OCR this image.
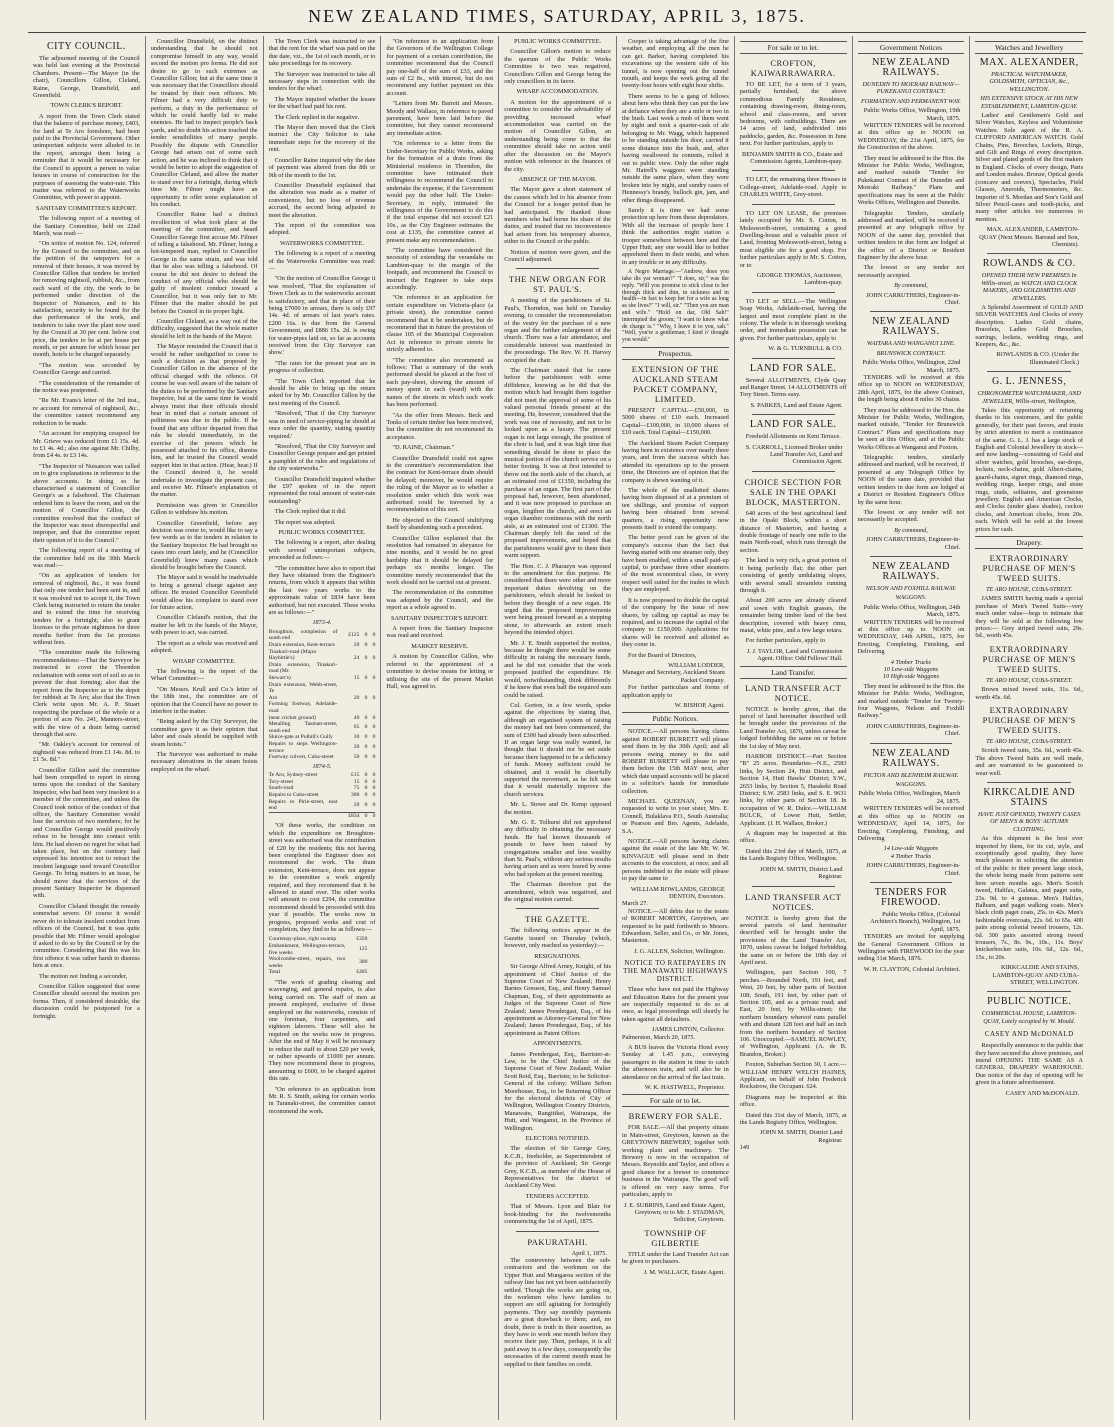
NEW ZEALAND TIMES, SATURDAY, APRIL 3, 1875.
CITY COUNCIL.

The adjourned meeting of the Council was held last evening at the Provincial Chambers. Present—The Mayor (in the chair), Councillors Gillon, Cleland, Raine, George, Dransfield, and Greenfield.

TOWN CLERK'S REPORT.

A report from the Town Clerk stated that the balance of purchase money, £403, for land at Te Aro foreshore, had been paid to the Provincial Government. Other unimportant subjects were alluded to in the report, amongst them being a reminder that it would be necessary for the Council to appoint a person to value houses in course of construction for the purposes of assessing the water-rate. This matter was referred to the Waterworks Committee, with power to appoint.

SANITARY COMMITTEE'S REPORT.

The following report of a meeting of the Sanitary Committee, held on 22nd March, was read:—

"On notice of motion No. 124, referred by the Council to the committee, and on the petition of the ratepayers for a removal of their houses, it was moved by Councillor Gillon that tenders be invited for removing nightsoil, rubbish, &c., from each ward of the city, the work to be performed under direction of the Inspector of Nuisances, and to his satisfaction, security to be found for the due performance of the work, and tenderers to take over the plant now used by the Council at 30 per cent. below cost price, the tenders to be at per house per month, or per annum for which house per month, hotels to be charged separately.

"The motion was seconded by Councillor George and carried.

"The consideration of the remainder of the notice was postponed.

"Re Mr. Evans's letter of the 3rd inst., re account for removal of nightsoil, &c., the committee cannot recommend any reduction to be made.

"An account for emptying cesspool for Mr. Grieve was reduced from £1 15s. 4d. to £1 4s. 4d.; also one against Mr. Chilby, from £4 4s. to £3 14s.

"The Inspector of Nuisances was called on to give explanations in reference to the above accounts. In doing so he characterised a statement of Councillor George's as a falsehood. The Chairman ordered him to leave the room, and on the motion of Councillor Gillon, the committee resolved that the conduct of the Inspector was most disrespectful and improper, and that the committee report their opinion of it to the Council."

The following report of a meeting of the committee held on the 30th March was read:—

"On an application of tenders for removal of nightsoil, &c., it was found that only one tender had been sent in, and it was resolved not to accept it, the Town Clerk being instructed to return the tender and to extend the time for receiving tenders for a fortnight; also to grant licenses to the private nightmen for three months further from the 1st proximo without fees.

"The committee made the following recommendations:—That the Surveyor be instructed to cover the Thorndon reclamation with some sort of soil so as to prevent the dust forming; also that the report from the Inspector as to the depot for rubbish at Te Aro; also that the Town Clerk write upon Mr. A. P. Stuart respecting the purchase of the whole or a portion of acre No. 241, Manners-street, with the view of a drain being carried through that acre.

"Mr. Oakley's account for removal of nightsoil was reduced from £1 14s. 8d. to £1 5s. 8d."

Councillor Gillon said the committee had been compelled to report in strong terms upon the conduct of the Sanitary Inspector, who had been very insolent to a member of the committee, and unless the Council took notice of the conduct of that officer, the Sanitary Committee would lose the services of two members; for he and Councillor George would positively refuse to be brought into contact with him. He had shown no regret for what had taken place, but on the contrary had expressed his intention not to retract the insolent language used toward Councillor George. To bring matters to an issue, he should move that the services of the present Sanitary Inspector be dispensed with.

Councillor Cleland thought the remedy somewhat severe. Of course it would never do to tolerate insolent conduct from officers of the Council, but it was quite possible that Mr. Filmer would apologise if asked to do so by the Council or by the committee. Considering that this was his first offence it was rather harsh to dismiss him at once.

The motion not finding a seconder,

Councillor Gillon suggested that some Councillor should second the motion pro forma. Then, if considered desirable, the discussion could be postponed for a fortnight.

Councillor Dransfield, on the distinct understanding that he should not compromise himself in any way, would second the motion pro forma. He did not desire to go to such extremes as Councillor Gillon; but at the same time it was necessary that the Councillors should be treated by their own officers. Mr. Filmer had a very difficult duty to perform, a duty in the performance of which he could hardly fail to make enemies. He had to inspect people's back yards, and no doubt his action touched the tender sensibilities of many people. Possibly the dispute with Councillor George had arisen out of some such action, and he was inclined to think that it would be better to adopt the suggestion of Councillor Cleland, and allow the matter to stand over for a fortnight, during which time Mr. Filmer might have an opportunity to offer some explanation of his conduct.

Councillor Raine had a distinct recollection of what took place at the meeting of the committee, and heard Councillor George first accuse Mr. Filmer of telling a falsehood. Mr. Filmer, being a hot-tempered man, replied to Councillor George in the same strain, and was told that he also was telling a falsehood. Of course he did not desire to defend the conduct of any official who should be guilty of insolent conduct toward a Councillor, but it was only fair to Mr. Filmer that the matter should be put before the Council in its proper light.

Councillor Cleland, as a way out of the difficulty, suggested that the whole matter should be left in the hands of the Mayor.

The Mayor reminded the Council that it would be rather undignified to come to such a decision as that proposed by Councillor Gillon in the absence of the official charged with the offence. Of course he was well aware of the nature of the duties to be performed by the Sanitary Inspector, but at the same time he would always insist that their officials should bear in mind that a certain amount of politeness was due to the public. If he found that any officer departed from that rule he should immediately, in the exercise of the powers which he possessed attached to his office, dismiss him, and he trusted the Council would support him in that action. (Hear, hear.) If the Council desired it, he would undertake to investigate the present case, and receive Mr. Filmer's explanation of the matter.

Permission was given to Councillor Gillon to withdraw his motion.

Councillor Greenfield, before any decision was come to, would like to say a few words as to the tenders in relation to the Sanitary Inspector. He had brought no cases into court lately, and he (Councillor Greenfield) knew many cases which should be brought before the Council.

The Mayor said it would be inadvisable to bring a general charge against any officer. He trusted Councillor Greenfield would allow his complaint to stand over for future action.

Councillor Cleland's motion, that the matter be left in the hands of the Mayor, with power to act, was carried.

The report as a whole was received and adopted.

WHARF COMMITTEE.

The following is the report of the Wharf Committee:—

"On Messrs. Krull and Co.'s letter of the 18th inst., the committee are of opinion that the Council have no power to interfere in the matter.

"Being asked by the City Surveyor, the committee gave it as their opinion that labor and coals should be supplied with steam hoists."

The Surveyor was authorised to make necessary alterations in the steam hoists employed on the wharf.

The Town Clerk was instructed to see that the rent for the wharf was paid on the due date, viz., the 1st of each month, or to take proceedings for its recovery.

The Surveyor was instructed to take all necessary steps in connection with the tenders for the wharf.

The Mayor inquired whether the lessee for the wharf had paid his rent.

The Clerk replied in the negative.

The Mayor then moved that the Clerk instruct the City Solicitor to take immediate steps for the recovery of the rent.

Councillor Raine inquired why the date of payment was altered from the 8th or 9th of the month to the 1st.

Councillor Dransfield explained that the alteration was made as a matter of convenience, but no loss of revenue accrued, the second being adjusted to meet the alteration.

The report of the committee was adopted.

WATERWORKS COMMITTEE.

The following is a report of a meeting of the Waterworks Committee was read:—

"On the motion of Councillor George it was resolved, 'That the explanation of Town Clerk as to the waterworks account is satisfactory, and that in place of their being £7000 in arrears, there is only £97 14s. 4d. of arrears of last year's rates. £200 16s. is due from the General Government, and £886 15s. 2d. is owing for water-pipes laid on, so far as accounts received from the City Surveyor can show.'

"The rates for the present year are in progress of collection.

"The Town Clerk reported that he should be able to bring up the return asked for by Mr. Councillor Gillon by the next meeting of the Council.

"Resolved, 'That if the City Surveyor was in need of service-piping he should at once order the quantity, stating quantity required.'

"Resolved, 'That the City Surveyor and Councillor George prepare and get printed a pamphlet of the rules and regulations of the city waterworks.'"

Councillor Dransfield inquired whether the £97 spoken of in the report represented the total amount of water-rate outstanding?

The Clerk replied that it did.

The report was adopted.

PUBLIC WORKS COMMITTEE.

The following is a report, after dealing with several unimportant subjects, proceeded as follows:—

"The committee have also to report that they have obtained from the Engineer's returns, from which it appears that within the last two years works to the approximate value of £834 have been authorised, but not executed. These works are as follows:—"

1873-4.
Broughton, completion of south end	£125	0	0
Drain extension, Kent-terrace	20	0	0
Tinakori-road (Major			
Haybittle's)	24	0	0
Drain extension, Tinakori-road (Mr.			
Stewart's)	15	0	0
Drain extension, Webb-street, Te			
Aro	20	0	0
Forming footway, Adelaide-road			
(near cricket ground)	40	0	0
Metalling Tasman-street, south end	65	0	0
Sluice-gate at Polhill's Gully	30	0	0
Repairs to steps Wellington-terrace	20	0	0
Footway culvert, Cuba-street	50	0	0
1874-5.
Te Aro, Sydney-street	£15	0	0
Tory-street	15	0	0
South-road	75	0	0
Repairs to Cuba-street	300	0	0
Repairs to Pirie-street, east end	20	0	0
	£834	0	0

"Of these works, the condition on which the expenditure on Broughton-street was authorised was the contribution of £20 by the residents; this not having been completed the Engineer does not recommend the work. The drain extension, Kent-terrace, does not appear to the committee a work urgently required, and they recommend that it be allowed to stand over. The other works will amount to cost £294, the committee recommend should be proceeded with this year if possible. The works now in progress, proposed works and cost of completion, they find to be as follows:—

Courtenay-place, right swamp	£350	
Embankment, Wellington-terrace, five weeks	125	
Woolcombe-street, repairs, two weeks	300	
Total	£405	

"The work of grading clearing and scavenging, and general repairs, is also being carried on. The staff of men at present employed, exclusive of those employed on the waterworks, consists of one foreman, four carpenters, and eighteen laborers. These will also be required on the works now in progress. After the end of May it will be necessary to reduce the staff to about £20 per week, or rather upwards of £1000 per annum. They now recommend these in progress, amounting to £600, to be charged against this rate.

"On reference to an application from Mr. R. S. Smith, asking for certain works in Taranaki-street, the committee cannot recommend the work.

"On reference to an application from the Governors of the Wellington College for payment of a certain contribution, the committee recommend that the Council pay one-half of the sum of £33, and the sum of £2 8s., with interest, but do not recommend any further payment on this account.

"Letters from Mr. Barrett and Messrs. Moody and Wallace, in reference to paved pavement, have been laid before the committee, but they cannot recommend any immediate action.

"On reference to a letter from the Under-Secretary for Public Works, asking for the formation of a drain from the Ministerial residence in Thorndon, the committee have intimated their willingness to recommend the Council to undertake the expense, if the Government would pay the other half. The Under-Secretary, in reply, intimated the willingness of the Government to do this if the total expense did not exceed £21 10s., as the City Engineer estimates the cost at £135, the committee cannot at present make any recommendation.

"The committee have considered the necessity of extending the verandahs on Lambton-quay to the margin of the footpath, and recommend the Council to instruct the Engineer to take steps accordingly.

"On reference to an application for certain expenditure on Victoria-place (a private street), the committee cannot recommend that it be undertaken, but do recommend that in future the provision of clause 105 of the Municipal Corporation Act in reference to private streets be strictly adhered to.

"The committee also recommend as follows: That a summary of the work performed should be placed at the foot of each pay-sheet, showing the amount of money spent in each (ward) with the names of the streets in which such work has been performed.

"As the offer from Messrs. Beck and Tonks of certain timber has been received, but the committee do not recommend its acceptance.

"D. RAINE, Chairman."

Councillor Dransfield could not agree to the committee's recommendation that the contract for Kent-terrace drain should be delayed; moreover, he would require the ruling of the Mayor as to whether a resolution under which this work was authorised could be traversed by a recommendation of this sort.

He objected to the Council stultifying itself by abandoning such a precedent.

Councillor Gillon explained that the resolution had remained in abeyance for nine months, and it would be no great hardship that it should be delayed for perhaps six months longer. The committee merely recommended that the work should not be carried out at present.

The recommendation of the committee was adopted by the Council, and the report as a whole agreed to.

SANITARY INSPECTOR'S REPORT.

A report from the Sanitary Inspector was read and received.

MARKET RESERVE.

A motion by Councillor Gillon, who referred to the appointment of a committee to devise means for letting or utilising the site of the present Market Hall, was agreed to.

PUBLIC WORKS COMMITTEE.

Councillor Gillon's motion to reduce the quorum of the Public Works Committee to two was negatived, Councillors Gillon and George being the only councillors in its favor.

WHARF ACCOMMODATION.

A motion for the appointment of a committee to consider the advisability of providing increased wharf accommodation was carried on the motion of Councillor Gillon, an understanding being come to that the committee should take no action until after the discussion on the Mayor's motion with reference to the finances of the city.

ABSENCE OF THE MAYOR.

The Mayor gave a short statement of the causes which led to his absence from the Council for a longer period than he had anticipated. He thanked those members who had borne his share of the duties, and trusted that no inconvenience had arisen from his temporary absence, either to the Council or the public.

Notices of motion were given, and the Council adjourned.

THE NEW ORGAN FOR ST. PAUL'S.

A meeting of the parishioners of St. Paul's, Thorndon, was held on Tuesday evening, to consider the recommendation of the vestry for the purchase of a new organ and the further enlargement of the church. There was a fair attendance, and considerable interest was manifested in the proceedings. The Rev. W. H. Harvey occupied the chair.

The Chairman stated that he came before the parishioners with some diffidence, knowing as he did that the motion which had brought them together did not meet the approval of some of his valued personal friends present at the meeting. He, however, considered that the work was one of necessity, and not to be looked upon as a luxury. The present organ is not large enough, the position of the choir is bad, and it was high time that something should be done to place the musical portion of the church service on a better footing. It was at first intended to throw out the north aisle of the church, at an estimated cost of £1350, including the purchase of an organ. The first part of the proposal had, however, been abandoned, and it was now proposed to purchase an organ, lengthen the church, and erect an organ chamber continuous with the north aisle, at an estimated cost of £1300. The Chairman deeply felt the need of the proposed improvements, and hoped that the parishioners would give to them their warm support.

The Hon. C. J. Pharazyn was opposed to the amendment for this purpose. He considered that there were other and more important duties devolving on the parishioners, which should be looked to before they thought of a new organ. He urged that the proposed improvements were being pressed forward as a stepping stone, to afterwards an extent much beyond the intended object.

Mr. J. E. Smith supported the motion, because he thought there would be some difficulty in raising the necessary funds, and he did not consider that the work proposed justified the expenditure. He would, notwithstanding, think differently if he knew that even half the required sum could be raised.

Col. Gorton, in a few words, spoke against the objections by stating that, although an organised system of raising the money had not been commenced, the sum of £300 had already been subscribed. If an organ large was really wanted, he thought that it should not be set aside because there happened to be a deficiency of funds. Money sufficient could be obtained, and it would be cheerfully supported the movement, as he felt sure that it would materially improve the church services.

Mr. L. Stowe and Dr. Kemp opposed the motion.

Mr. G. E. Tolhurst did not apprehend any difficulty in obtaining the necessary funds. He had known thousands of pounds to have been raised by congregations smaller and less wealthy than St. Paul's, without any serious results having arisen and as were feared by some who had spoken at the present meeting.

The Chairman therefore put the amendment, which was negatived, and the original motion carried.

THE GAZETTE.

The following notices appear in the Gazette issued on Thursday (which, however, only reached us yesterday):—

RESIGNATIONS.

Sir George Alfred Arney, Knight, of his appointment of Chief Justice of the Supreme Court of New Zealand; Henry Barnes Gresson, Esq., and Henry Samuel Chapman, Esq., of their appointments as Judges of the Supreme Court of New Zealand; James Prendergast, Esq., of his appointment as Attorney-General for New Zealand; James Prendergast, Esq., of his appointment as Patent Officer.

APPOINTMENTS.

James Prendergast, Esq., Barrister-at-Law, to be the Chief Justice of the Supreme Court of New Zealand; Walter Scott Reid, Esq., Barrister, to be Solicitor-General of the colony; William Sefton Moorhouse, Esq., to be Returning Officer for the electoral districts of City of Wellington, Wellington Country Districts, Manawatu, Rangitikei, Wairarapa, the Hutt, and Wanganui, in the Province of Wellington.

ELECTORS NOTIFIED.

The election of Sir George Grey, K.C.B., freeholder, as Superintendent of the province of Auckland; Sir George Grey, K.C.B., as member of the House of Representatives for the district of Auckland City West.

TENDERS ACCEPTED.

That of Messrs. Lyon and Blair for book-binding for the twelvemonths commencing the 1st of April, 1875.

PAKURATAHI.
April 1, 1875.

The controversy between the sub-contractors and the workmen on the Upper Hutt and Mungaroa section of the railway line has not yet been satisfactorily settled. Though the works are going on, the workmen who have families to support are still agitating for fortnightly payments. They say monthly payments are a great drawback to them; and, no doubt, there is truth in their assertion, as they have to work one month before they receive their pay. Then, perhaps, it is all paid away in a few days, consequently the necessaries of the current month must be supplied to their families on credit.

Cooper is taking advantage of the fine weather, and employing all the men he can get. Barker, having completed his excavations up the western side of his tunnel, is now opening out the tunnel mouth, and keeps the work going all the twenty-four hours with eight hour shifts.

There seems to be a gang of fellows about here who think they can put the law at defiance when they are a mile or two in the bush. Last week a mob of them went by night and took a quarter-cask of ale belonging to Mr. Wagg, which happened to be standing outside his door, carried it some distance into the bush, and, after having swallowed its contents, rolled it out to public view. Only the other night Mr. Hatrell's waggons were standing outside the same place, when they were broken into by night, and sundry cases of Hennessy's brandy, bullock gin, jam, and other things disappeared.

Surely it is time we had some protection up here from these depredators. With all the increase of people here I think the authorities might station a trooper somewhere between here and the Upper Hutt; any one would like to bother apprehend them in their midst, and when in any trouble or in any difficulty.

A Negro Marriage.—"Andrew, does you take dis yar woman?" "I does, sir," was the reply. "Will you promise to stick close to her through thick and thin, in sickness and in health—in fact to keep her for a wife as long as she lives?" "I will, sir." "Then you are man and wife." "Hold on dar, Old Sah!" interrupted the groom; "I want to know what de charge is." "Why, I leave it to you, sah." "Well, you're a gentleman; I kind o' thought you would."

Prospectus.
EXTENSION OF THE AUCKLAND STEAM PACKET COMPANY, LIMITED.

PRESENT CAPITAL—£50,000, in 5000 shares of £10 each. Increased Capital—£100,000, in 10,000 shares of £10 each. Total Capital—£150,000.

The Auckland Steam Packet Company having been in existence over nearly three years, and from the success which has attended its operations up to the present time, the Directors are of opinion that the company is shewn wanting of it.

The whole of the unallotted shares having been disposed of at a premium of ten shillings, and promise of support having been obtained from several quarters, a rising opportunity now presents itself to extend the company.

The better proof can be given of the company's success than the fact that having started with one steamer only, they have been enabled, within a small paid-up capital, to purchase three other steamers of the most economical class, in every respect well suited for the trades in which they are employed.

It is now proposed to double the capital of the company by the issue of new shares, by calling up capital as may be required, and to increase the capital of the company to £150,000. Applications for shares will be received and allotted as they come in.

For the Board of Directors,

WILLIAM LODDER,
Manager and Secretary, Auckland Steam Packet Company.

For further particulars and forms of application apply to

W. BISHOP, Agent.
Public Notices.

NOTICE.—All persons having claims against ROBERT BURRETT will please send them in by the 30th April; and all persons owing money to the said ROBERT BURRETT will please to pay them before the 15th MAY next, after which date unpaid accounts will be placed in a solicitor's hands for immediate collection.

MICHAEL QUEENAN, you are requested to write to your sister, Mrs. E. Connell, Bulaklava P.O., South Australia; or Pearson and Bro. Agents, Adelaide, S.A.

NOTICE.—All persons having claims against the estate of the late Mr. W. W. KINVAGUE will please send in their accounts to the executors, at once; and all persons indebted to the estate will please to pay the same to

WILLIAM ROWLANDS, GEORGE DENTON, Executors.
March 27.

NOTICE.—All debts due to the estate of ROBERT MORTON, Greytown, are requested to be paid forthwith to Messrs. Edwardson, Seller, and Co., or Mr. Jones, Masterton.

J. G. ALLEN, Solicitor, Wellington.
NOTICE TO RATEPAYERS IN THE MANAWATU HIGHWAYS DISTRICT.

Those who have not paid the Highway and Education Rates for the present year are respectfully requested to do so at once, as legal proceedings will shortly be taken against all defaulters.

JAMES LINTON, Collector.
Palmerston, March 20, 1875.

A BUS leaves the Victoria Hotel every Sunday at 1.45 p.m., conveying passengers to the station in time to catch the afternoon train, and will also be in attendance on the arrival of the last train.

W. K. HASTWELL, Proprietor.
For sale or to let.
BREWERY FOR SALE.

FOR SALE.—All that property situate in Main-street, Greytown, known as the GREYTOWN BREWERY, together with working plant and machinery. The Brewery is now in the occupation of Messrs. Reynolds and Taylor, and offers a good chance for a brewer to commence business in the Wairarapa. The good will is offered on very easy terms. For particulars, apply to

J. E. SUBRINS, Land and Estate Agent, Greytown; or to Mr. J. STADMAN, Solicitor, Greytown.
TOWNSHIP OF GILBERTIE

TITLE under the Land Transfer Act can be given to purchasers.

J. M. WALLACE, Estate Agent.
For sale or to let.
CROFTON, KAIWARRAWARRA.

TO BE LET, for a term of 3 years, partially furnished, the above commodious Family Residence, containing drawing-room, dining-room, school and class-rooms, and seven bedrooms, with outbuildings. There are 14 acres of land, subdivided into paddocks, garden, &c. Possession in June next. For further particulars, apply to

BENJAMIN SMITH & CO., Estate and Commission Agents, Lambton-quay.

TO LET, the remaining three Houses in College-street, Adelaide-road. Apply to CHARLES WHITE, Grey-street.

TO LET ON LEASE, the premises lately occupied by Mr. S. Cotton, in Molesworth-street, containing a good Dwelling-house and a valuable piece of Land, fronting Molesworth-street, being a most eligible site for a good shop. For further particulars apply to Mr. S. Cotton, or to

GEORGE THOMAS, Auctioneer, Lambton-quay.

TO LET or SELL.—The Wellington Soap Works, Adelaide-road, having the largest and most complete plant in the colony. The whole is in thorough working order, and immediate possession can be given. For further particulars, apply to

W. & G. TURNBULL & CO.
LAND FOR SALE.

Several ALLOTMENTS, Clyde Quay and Ranger Street. 14 ALLOTMENTS off Tory Street. Terms easy.

S. PARKES, Land and Estate Agent.
LAND FOR SALE.

Freehold Allotments on Kent Terrace.

S. CARROLL, Licensed Broker under Land Transfer Act, Land and Commission Agent.
CHOICE SECTION FOR SALE IN THE OPAKI BLOCK, MASTERTON.

640 acres of the best agricultural land in the Opaki Block, within a short distance of Masterton, and having a double frontage of nearly one mile to the main North-road, which runs through the section.

The land is very rich, a great portion of it being perfectly flat; the other part consisting of gently undulating slopes, with several small streamlets running through it.

About 200 acres are already cleared and sown with English grasses, the remainder being timber land of the best description, covered with heavy rimu, matai, white pine, and a few large totara.

For further particulars, apply to

J. J. TAYLOR, Land and Commission Agent. Office: Odd Fellows' Hall.
Land Transfer.
LAND TRANSFER ACT NOTICE.

NOTICE is hereby given, that the parcel of land hereinafter described will be brought under the provisions of the Land Transfer Act, 1870, unless caveat be lodged forbidding the same on or before the 1st day of May next.

HARBOR DISTRICT.—Part Section "B" 25 acres. Boundaries—N.E., 2583 links, by Section 24, Hutt District, and Section 14, Hutt Hawks' District; S.W., 2653 links, by Section 5, Harakeki Road District; S.W. 2583 links, and S. E. 9631 links, by other parts of Section 18. In occupation of W. R. Dulce.—WILLIAM BULCK, of Lower Hutt, Settler, Applicant. (J. H. Wallace, Broker.)

A diagram may be inspected at this office.

Dated this 23rd day of March, 1875, at the Lands Registry Office, Wellington.

JOHN M. SMITH, District Land Registrar.
LAND TRANSFER ACT NOTICES.

NOTICE is hereby given that the several parcels of land hereinafter described will be brought under the provisions of the Land Transfer Act, 1870, unless caveat be lodged forbidding the same on or before the 10th day of April next.

Wellington, part Section 100, 7 perches.—Bounded North, 191 feet, and West, 20 feet, by other parts of Section 108; South, 191 feet, by other part of Section 105, and as a private road; and East, 20 feet, by Willis-street; the northern boundary whereof runs parallel with and distant 128 feet and half an inch from the northern boundary of Section 106. Unoccupied.—SAMUEL ROWLEY, of Wellington, Applicant. (A. de B. Brandon, Broker.)

Foxton, Suburban Section 30, 1 acre.—WILLIAM HENRY WELCH HAINES, Applicant, on behalf of John Frederick Rockstrow, the Occupant. 624.

Diagrams may be inspected at this office.

Dated this 31st day of March, 1875, at the Lands Registry Office, Wellington.

JOHN M. SMITH, District Land Registrar.
149
Government Notices
NEW ZEALAND RAILWAYS.
DUNEDIN TO MOERAKI RAILWAY—PUKEKANUI CONTRACT.
FORMATION AND PERMANENT WAY.
Public Works Office, Wellington, 19th March, 1875.

WRITTEN TENDERS will be received at this office up to NOON on WEDNESDAY, the 21st April, 1875, for the Construction of the above.

They must be addressed to the Hon. the Minister for Public Works, Wellington, and marked outside "Tender for Pukekanui Contract of the Dunedin and Moeraki Railway." Plans and specifications may be seen at the Public Works Offices, Wellington and Dunedin.

Telegraphic Tenders, similarly addressed and marked, will be received if presented at any telegraph office by NOON of the same day, provided that written tenders in due form are lodged at the office of a District or Resident Engineer by the above hour.

The lowest or any tender not necessarily accepted.

By command,
JOHN CARRUTHERS, Engineer-in-Chief.
NEW ZEALAND RAILWAYS.
WAITARA AND WANGANUI LINE.
BRUNSWICK CONTRACT.
Public Works Office, Wellington, 22nd March, 1875.

TENDERS will be received at this office up to NOON on WEDNESDAY, 28th April, 1875, for the above Contract, the length being about 8 miles 30 chains.

They must be addressed to the Hon. the Minister for Public Works, Wellington, marked outside, "Tender for Brunswick Contract." Plans and specifications may be seen at this Office, and at the Public Works Offices at Wanganui and Foxton.

Telegraphic tenders, similarly addressed and marked, will be received, if presented at any Telegraph Office by NOON of the same date, provided that written tenders in due form are lodged at a District or Resident Engineer's Office by the same hour.

The lowest or any tender will not necessarily be accepted.

By command,
JOHN CARRUTHERS, Engineer-in-Chief.
NEW ZEALAND RAILWAYS.
NELSON AND FOXHILL RAILWAY.
WAGGONS.
Public Works Office, Wellington, 24th March, 1875.

WRITTEN TENDERS will be received at this office up to NOON on WEDNESDAY, 14th APRIL, 1875, for Erecting, Completing, Finishing, and Delivering

4 Timber Trucks
10 Low-side Waggons
10 High-side Waggons

They must be addressed to the Hon. the Minister for Public Works, Wellington, and marked outside "Tender for Twenty-four Waggons, Nelson and Foxhill Railway."

JOHN CARRUTHERS, Engineer-in-Chief.
NEW ZEALAND RAILWAYS.
PICTON AND BLENHEIM RAILWAY.
WAGGONS.
Public Works Office, Wellington, March 24, 1875.

WRITTEN TENDERS will be received at this office up to NOON on WEDNESDAY, April 14, 1875, for Erecting, Completing, Finishing, and Delivering

14 Low-side Waggons
4 Timber Trucks
JOHN CARRUTHERS, Engineer-in-Chief.
TENDERS FOR FIREWOOD.
Public Works Office, (Colonial Architect's Branch), Wellington, 1st April, 1875.

TENDERS are invited for supplying the General Government Offices in Wellington with FIREWOOD for the year ending 31st March, 1876.

W. H. CLAYTON, Colonial Architect.
Watches and Jewellery
MAX. ALEXANDER,
PRACTICAL WATCHMAKER, GOLDSMITH, OPTICIAN, &c., WELLINGTON.
HIS EXTENSIVE STOCK AT HIS NEW ESTABLISHMENT, LAMBTON-QUAY.

Ladies' and Gentlemen's Gold and Silver Watches, Keyless and Voluminster Watches. Sole agent of the R. A. CLIFFORD AMERICAN WATCH. Gold Chains, Pins, Brooches, Lockets, Rings, and Gilt and Rings of every description. Silver and plated goods of the first makers in England. Clocks of every design, Paris and London makes. Bronze, Optical goods (concave and convex), Spectacles, Field Glasses, Aneroids, Thermometers, &c. Importer of S. Mordan and Son's Gold and Silver Pencil-cases and tooth-picks, and many other articles too numerous to mention.

MAX. ALEXANDER, LAMBTON-QUAY (Next Messrs. Barraud and Son, Chemists).
ROWLANDS & CO.
OPENED THEIR NEW PREMISES In Willis-street, as WATCH AND CLOCK MAKERS, AND GOLDSMITHS AND JEWELLERS.

A Splendid Assortment of GOLD AND SILVER WATCHES And Clocks of every description. Ladies Gold chains, Bracelets, Ladies Gold Brooches, earrings, lockets, wedding rings, and Keepers, &c., &c.

ROWLANDS & CO. (Under the Illuminated Clock.)
G. L. JENNESS,
CHRONOMETER WATCHMAKER, AND JEWELLER, Willis-street, Wellington,

Takes this opportunity of returning thanks to his customers, and the public generally, for their past favors, and trusts by strict attention to merit a continuance of the same. G. L. J. has a large stock of English and Colonial Jewellery in stock—and now landing—consisting of Gold and silver watches, gold brooches, ear-drops, lockets, neck-chains, gold Albert-chains, guard-chains, signet rings, diamond rings, wedding rings, keeper rings, and stone rings, studs, solitaires, and greenstone jewellery. English and American Clocks, and Clocks (under glass shades), cuckoo clocks, and American clocks, from 20s. each. Which will be sold at the lowest prices for cash.

Drapery.
EXTRAORDINARY PURCHASE OF MEN'S TWEED SUITS.
TE ARO HOUSE, CUBA-STREET.

JAMES SMITH having made a special purchase of Men's Tweed Suits—very much under value—begs to intimate that they will be sold at the following low prices:— Grey striped tweed suits, 29s. 6d., worth 45s.

EXTRAORDINARY PURCHASE OF MEN'S TWEED SUITS.
TE ARO HOUSE, CUBA-STREET.

Brown mixed tweed suits, 31s. 6d., worth 45s. 6d.

EXTRAORDINARY PURCHASE OF MEN'S TWEED SUITS.
TE ARO HOUSE, CUBA-STREET.

Scotch tweed suits, 35s. 6d., worth 45s. The above Tweed Suits are well made, and are warranted to be guaranteed to wear well.

KIRKCALDIE AND STAINS
HAVE JUST OPENED, TWENTY CASES OF MEN'S & BOYS' AUTUMN CLOTHING.

As this shipment is the best ever imported by them, for its cut, style, and exceptionally good quality, they have much pleasure in soliciting the attention of the public to their present large stock, the whole being made from patterns sent here seven months ago. Men's Scotch tweed, Halifax, Galatea, and paget suits, 23s. 9d. to 4 guineas. Men's Halifax, Balbarn, and paget walking coats. Men's black cloth paget coats, 25s. to 42s. Men's fashionable overcoats, 22s. 6d. to 65s. 400 pairs strong colonial tweed trousers, 12s. 6d. 300 pairs assorted strong tweed trousers, 7s., 8s. 9s., 10s., 11s. Boys' knickerbocker suits, 10s. 6d., 12s. 6d., 15s., to 20s.

KIRKCALDIE AND STAINS, LAMBTON-QUAY AND CUBA-STREET, WELLINGTON.
PUBLIC NOTICE.
COMMERCIAL HOUSE, LAMBTON-QUAY, Lately occupied by W. Mould.
CASEY AND McDONALD

Respectfully announce to the public that they have secured the above premises, and intend OPENING THE SAME AS A GENERAL DRAPERY WAREHOUSE. Due notice of the day of opening will be given in a future advertisement.

CASEY AND McDONALD.
